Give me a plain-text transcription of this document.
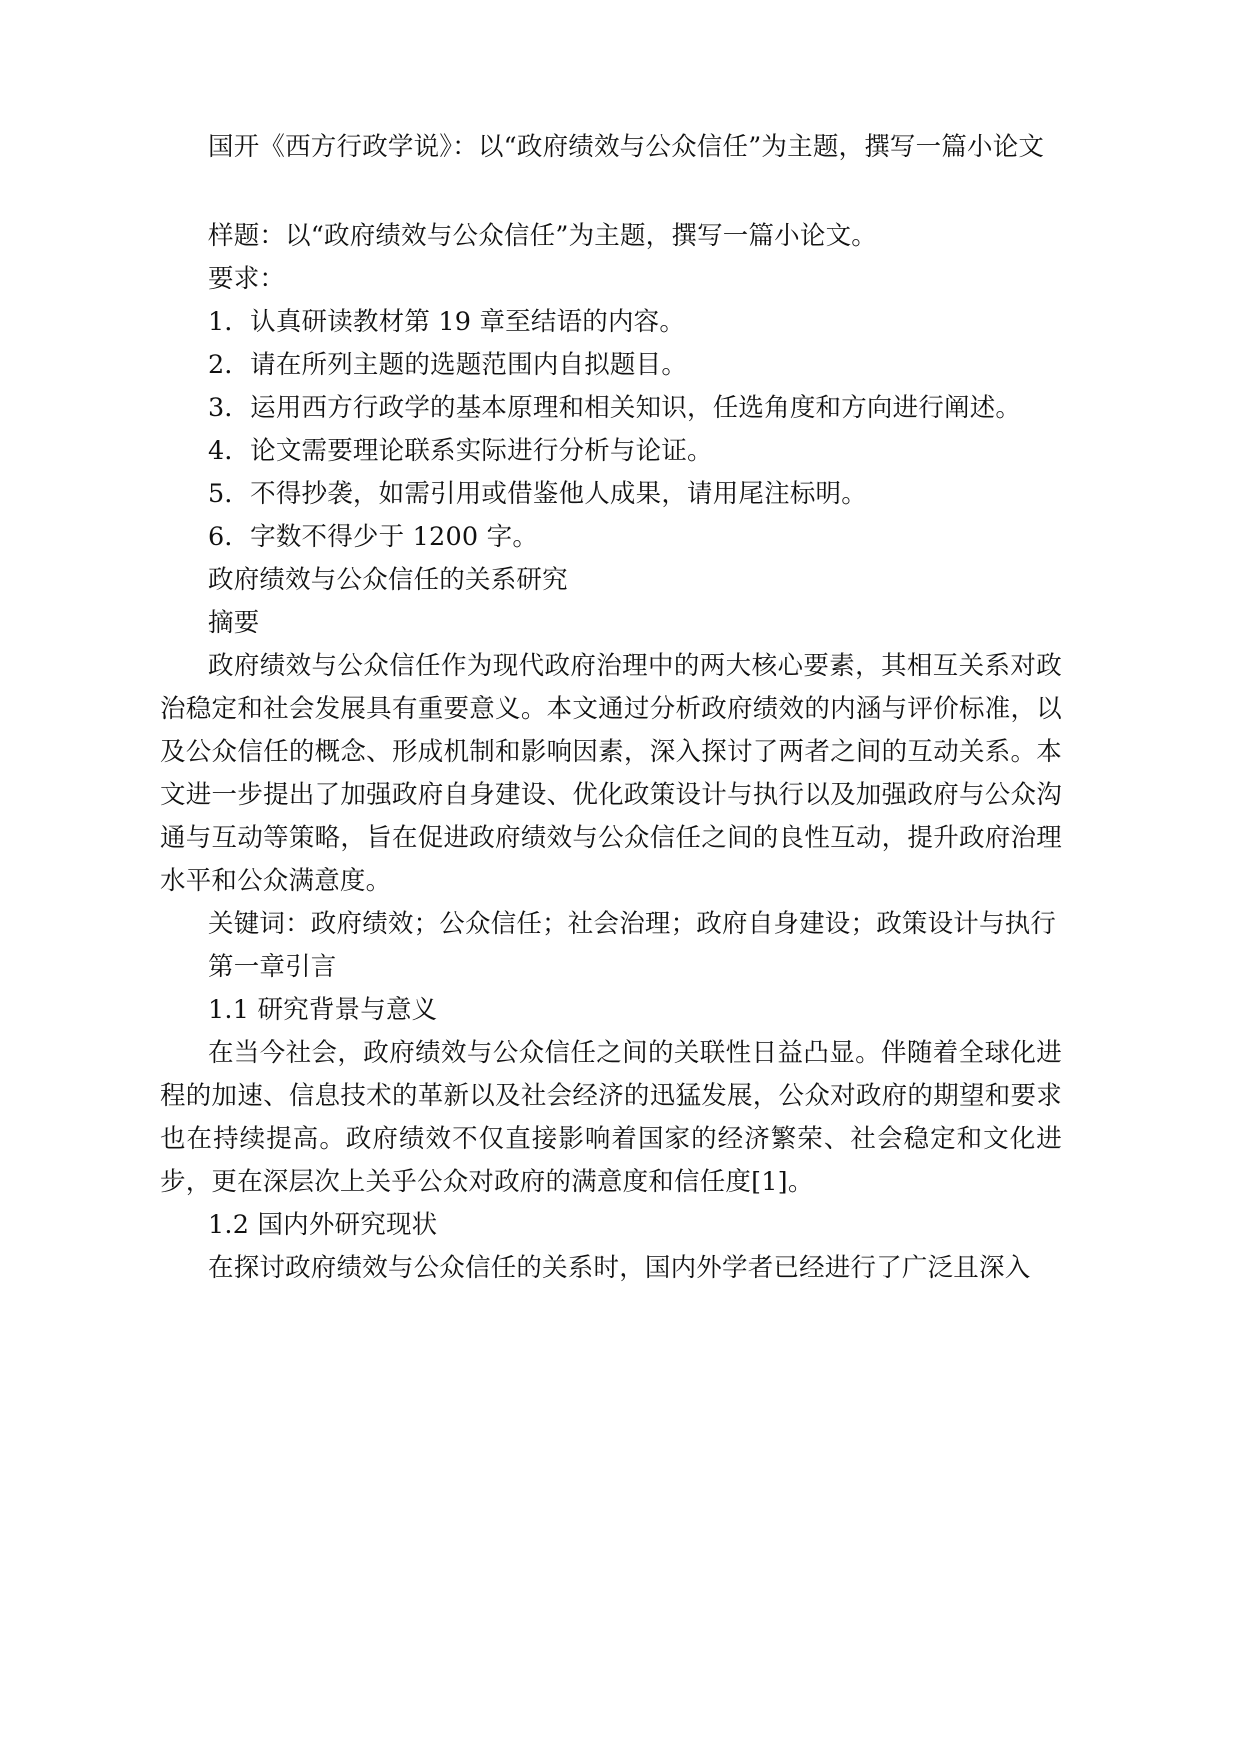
国开《西方行政学说》：以“政府绩效与公众信任”为主题，撰写一篇小论文

样题：以“政府绩效与公众信任”为主题，撰写一篇小论文。

要求：

1．认真研读教材第 19 章至结语的内容。

2．请在所列主题的选题范围内自拟题目。

3．运用西方行政学的基本原理和相关知识，任选角度和方向进行阐述。

4．论文需要理论联系实际进行分析与论证。

5．不得抄袭，如需引用或借鉴他人成果，请用尾注标明。

6．字数不得少于 1200 字。

政府绩效与公众信任的关系研究

摘要

政府绩效与公众信任作为现代政府治理中的两大核心要素，其相互关系对政治稳定和社会发展具有重要意义。本文通过分析政府绩效的内涵与评价标准，以及公众信任的概念、形成机制和影响因素，深入探讨了两者之间的互动关系。本文进一步提出了加强政府自身建设、优化政策设计与执行以及加强政府与公众沟通与互动等策略，旨在促进政府绩效与公众信任之间的良性互动，提升政府治理水平和公众满意度。

关键词：政府绩效；公众信任；社会治理；政府自身建设；政策设计与执行

第一章引言

1.1 研究背景与意义

在当今社会，政府绩效与公众信任之间的关联性日益凸显。伴随着全球化进程的加速、信息技术的革新以及社会经济的迅猛发展，公众对政府的期望和要求也在持续提高。政府绩效不仅直接影响着国家的经济繁荣、社会稳定和文化进步，更在深层次上关乎公众对政府的满意度和信任度[1]。

1.2 国内外研究现状

在探讨政府绩效与公众信任的关系时，国内外学者已经进行了广泛且深入
